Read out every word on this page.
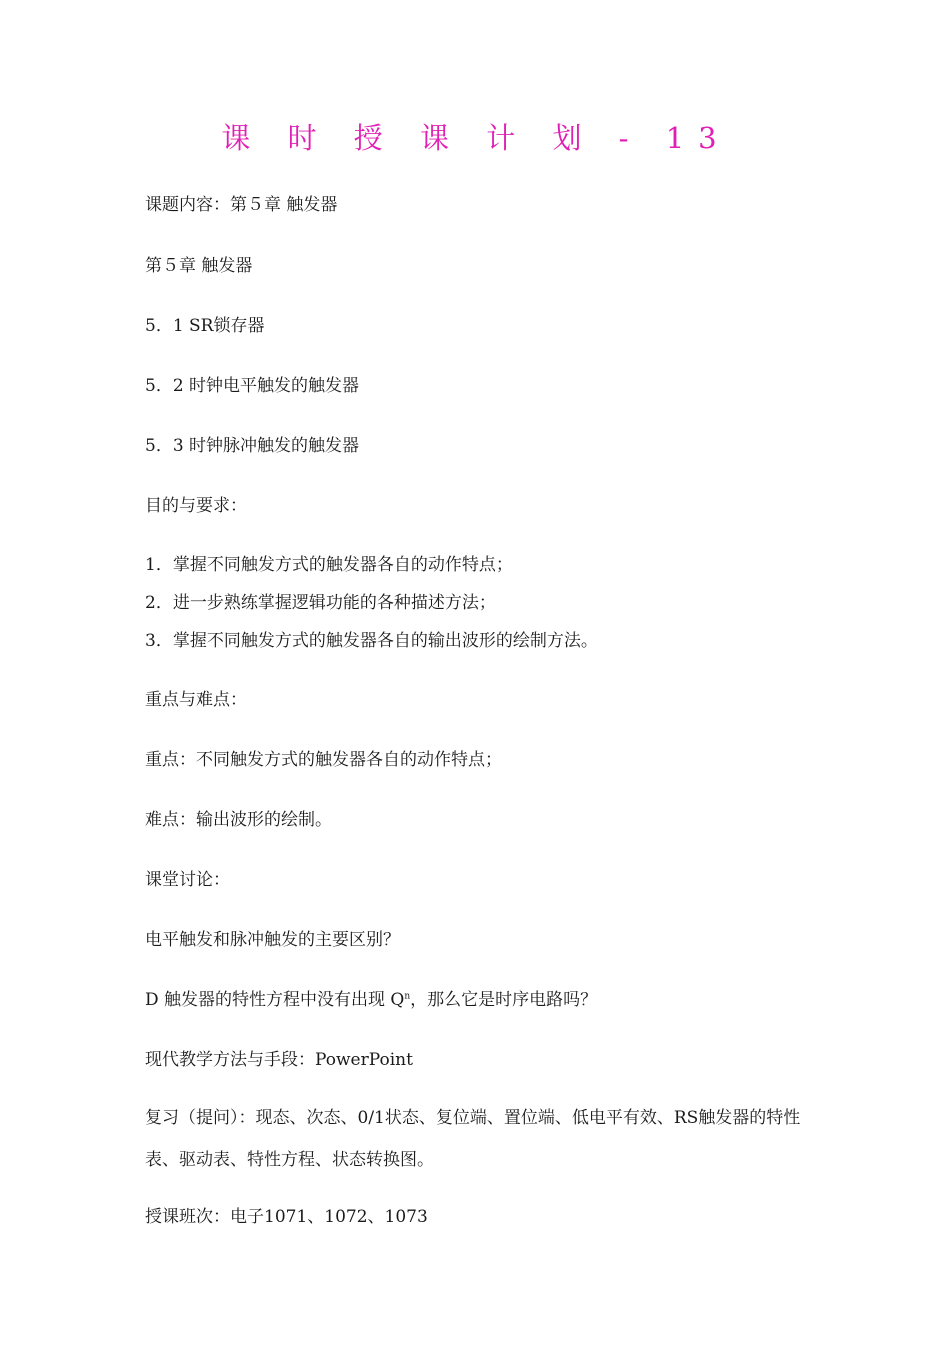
课 时 授 课 计 划 - 13
课题内容：第５章 触发器
第５章 触发器
5．1 SR锁存器
5．2 时钟电平触发的触发器
5．3 时钟脉冲触发的触发器
目的与要求：
1．掌握不同触发方式的触发器各自的动作特点；
2．进一步熟练掌握逻辑功能的各种描述方法；
3．掌握不同触发方式的触发器各自的输出波形的绘制方法。
重点与难点：
重点：不同触发方式的触发器各自的动作特点；
难点：输出波形的绘制。
课堂讨论：
电平触发和脉冲触发的主要区别？
D 触发器的特性方程中没有出现 $Q^n$，那么它是时序电路吗？
现代教学方法与手段：PowerPoint
复习（提问）：现态、次态、0/1状态、复位端、置位端、低电平有效、RS触发器的特性表、驱动表、特性方程、状态转换图。
授课班次：电子1071、1072、1073
